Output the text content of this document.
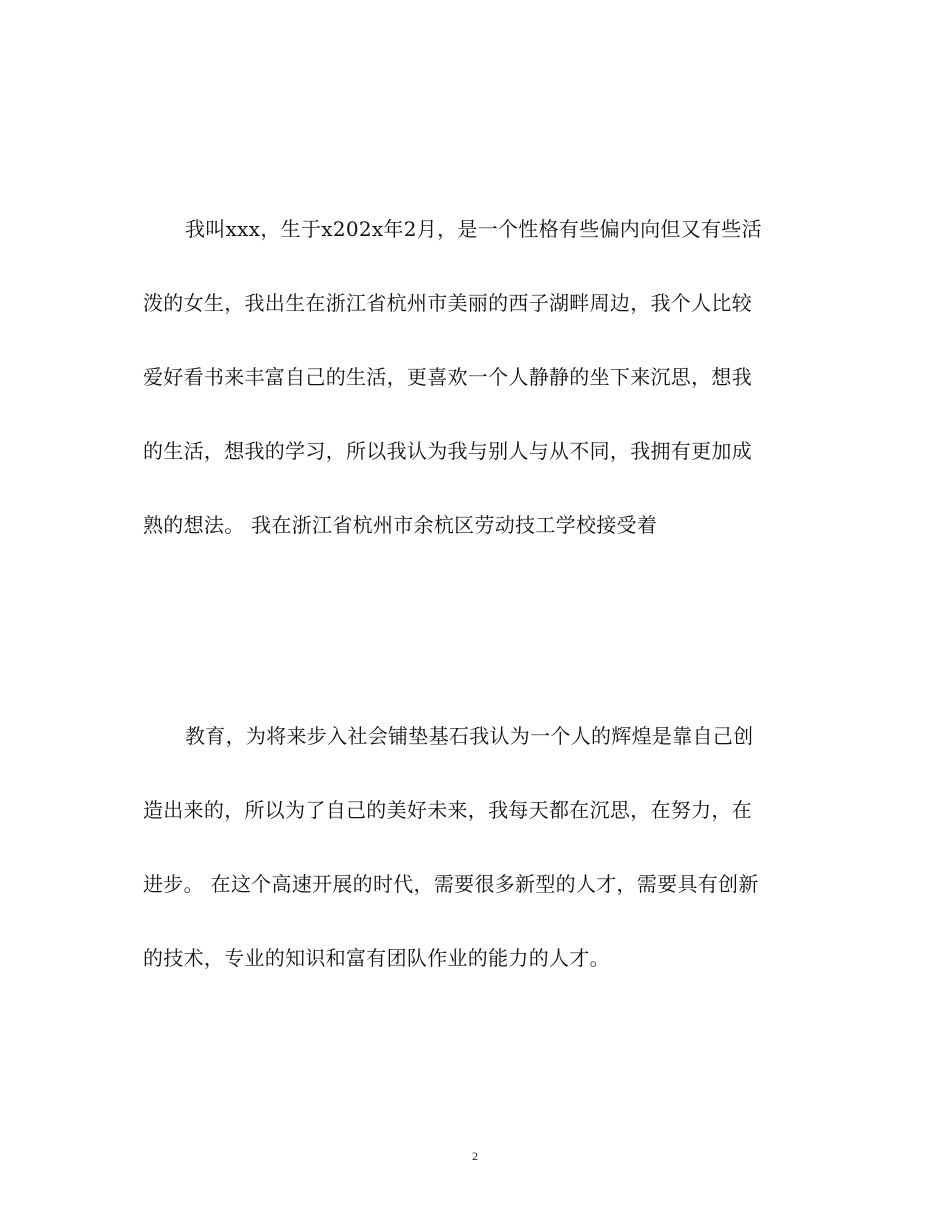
我叫xxx，生于x202x年2月，是一个性格有些偏内向但又有些活
泼的女生，我出生在浙江省杭州市美丽的西子湖畔周边，我个人比较
爱好看书来丰富自己的生活，更喜欢一个人静静的坐下来沉思，想我
的生活，想我的学习，所以我认为我与别人与从不同，我拥有更加成
熟的想法。 我在浙江省杭州市余杭区劳动技工学校接受着
教育，为将来步入社会铺垫基石我认为一个人的辉煌是靠自己创
造出来的，所以为了自己的美好未来，我每天都在沉思，在努力，在
进步。 在这个高速开展的时代，需要很多新型的人才，需要具有创新
的技术，专业的知识和富有团队作业的能力的人才。
2
